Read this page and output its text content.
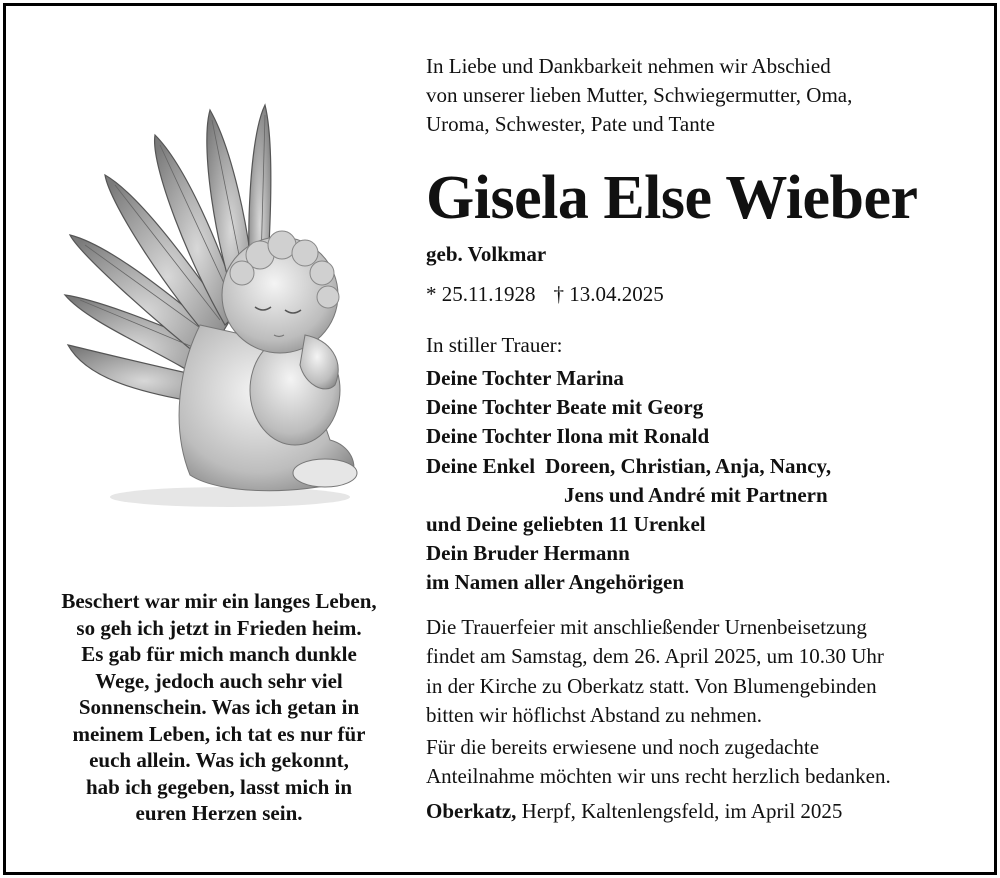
Beschert war mir ein langes Leben,
so geh ich jetzt in Frieden heim.
Es gab für mich manch dunkle
Wege, jedoch auch sehr viel
Sonnenschein. Was ich getan in
meinem Leben, ich tat es nur für
euch allein. Was ich gekonnt,
hab ich gegeben, lasst mich in
euren Herzen sein.
In Liebe und Dankbarkeit nehmen wir Abschied
von unserer lieben Mutter, Schwiegermutter, Oma,
Uroma, Schwester, Pate und Tante
Gisela Else Wieber
geb. Volkmar
* 25.11.1928 † 13.04.2025
In stiller Trauer:
Deine Tochter Marina
Deine Tochter Beate mit Georg
Deine Tochter Ilona mit Ronald
Deine Enkel Doreen, Christian, Anja, Nancy,
Jens und André mit Partnern
und Deine geliebten 11 Urenkel
Dein Bruder Hermann
im Namen aller Angehörigen
Die Trauerfeier mit anschließender Urnenbeisetzung
findet am Samstag, dem 26. April 2025, um 10.30 Uhr
in der Kirche zu Oberkatz statt. Von Blumengebinden
bitten wir höflichst Abstand zu nehmen.
Für die bereits erwiesene und noch zugedachte
Anteilnahme möchten wir uns recht herzlich bedanken.
Oberkatz, Herpf, Kaltenlengsfeld, im April 2025
